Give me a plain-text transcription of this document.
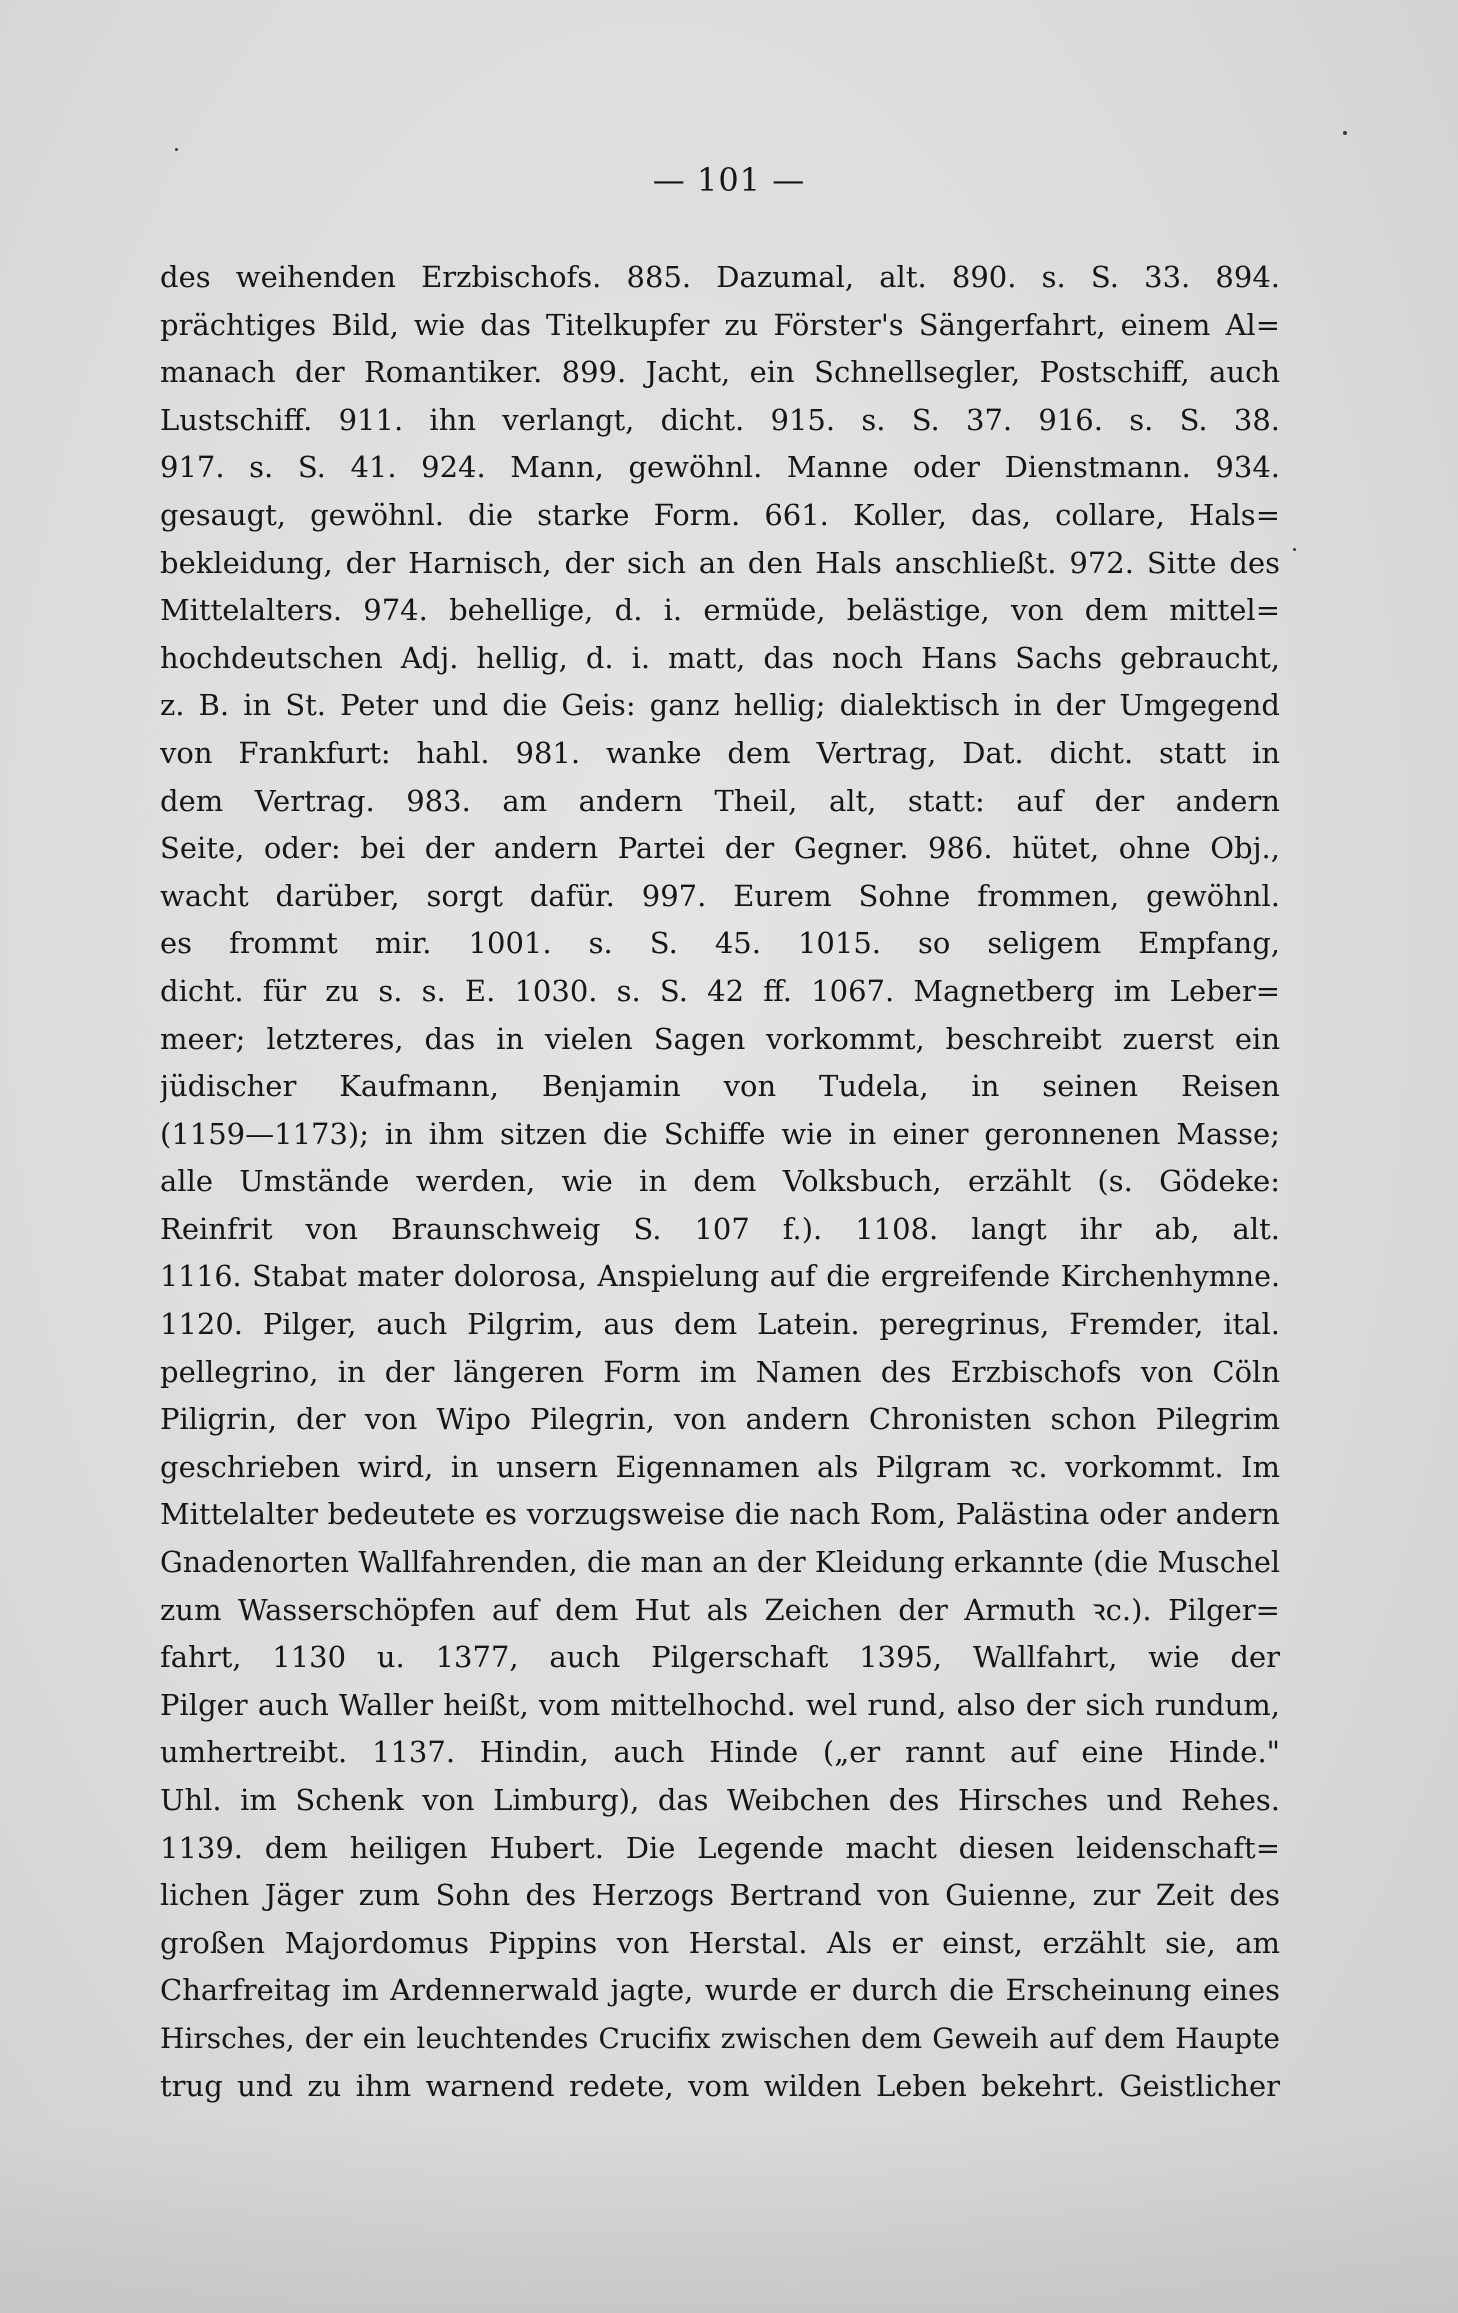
— 101 —
des weihenden Erzbischofs. 885. Dazumal, alt. 890. s. S. 33. 894.
prächtiges Bild, wie das Titelkupfer zu Förster's Sängerfahrt, einem Al=
manach der Romantiker. 899. Jacht, ein Schnellsegler, Postschiff, auch
Lustschiff. 911. ihn verlangt, dicht. 915. s. S. 37. 916. s. S. 38.
917. s. S. 41. 924. Mann, gewöhnl. Manne oder Dienstmann. 934.
gesaugt, gewöhnl. die starke Form. 661. Koller, das, collare, Hals=
bekleidung, der Harnisch, der sich an den Hals anschließt. 972. Sitte des
Mittelalters. 974. behellige, d. i. ermüde, belästige, von dem mittel=
hochdeutschen Adj. hellig, d. i. matt, das noch Hans Sachs gebraucht,
z. B. in St. Peter und die Geis: ganz hellig; dialektisch in der Umgegend
von Frankfurt: hahl. 981. wanke dem Vertrag, Dat. dicht. statt in
dem Vertrag. 983. am andern Theil, alt, statt: auf der andern
Seite, oder: bei der andern Partei der Gegner. 986. hütet, ohne Obj.,
wacht darüber, sorgt dafür. 997. Eurem Sohne frommen, gewöhnl.
es frommt mir. 1001. s. S. 45. 1015. so seligem Empfang,
dicht. für zu s. s. E. 1030. s. S. 42 ff. 1067. Magnetberg im Leber=
meer; letzteres, das in vielen Sagen vorkommt, beschreibt zuerst ein
jüdischer Kaufmann, Benjamin von Tudela, in seinen Reisen
(1159—1173); in ihm sitzen die Schiffe wie in einer geronnenen Masse;
alle Umstände werden, wie in dem Volksbuch, erzählt (s. Gödeke:
Reinfrit von Braunschweig S. 107 f.). 1108. langt ihr ab, alt.
1116. Stabat mater dolorosa, Anspielung auf die ergreifende Kirchenhymne.
1120. Pilger, auch Pilgrim, aus dem Latein. peregrinus, Fremder, ital.
pellegrino, in der längeren Form im Namen des Erzbischofs von Cöln
Piligrin, der von Wipo Pilegrin, von andern Chronisten schon Pilegrim
geschrieben wird, in unsern Eigennamen als Pilgram ꝛc. vorkommt. Im
Mittelalter bedeutete es vorzugsweise die nach Rom, Palästina oder andern
Gnadenorten Wallfahrenden, die man an der Kleidung erkannte (die Muschel
zum Wasserschöpfen auf dem Hut als Zeichen der Armuth ꝛc.). Pilger=
fahrt, 1130 u. 1377, auch Pilgerschaft 1395, Wallfahrt, wie der
Pilger auch Waller heißt, vom mittelhochd. wel rund, also der sich rundum,
umhertreibt. 1137. Hindin, auch Hinde („er rannt auf eine Hinde."
Uhl. im Schenk von Limburg), das Weibchen des Hirsches und Rehes.
1139. dem heiligen Hubert. Die Legende macht diesen leidenschaft=
lichen Jäger zum Sohn des Herzogs Bertrand von Guienne, zur Zeit des
großen Majordomus Pippins von Herstal. Als er einst, erzählt sie, am
Charfreitag im Ardennerwald jagte, wurde er durch die Erscheinung eines
Hirsches, der ein leuchtendes Crucifix zwischen dem Geweih auf dem Haupte
trug und zu ihm warnend redete, vom wilden Leben bekehrt. Geistlicher
